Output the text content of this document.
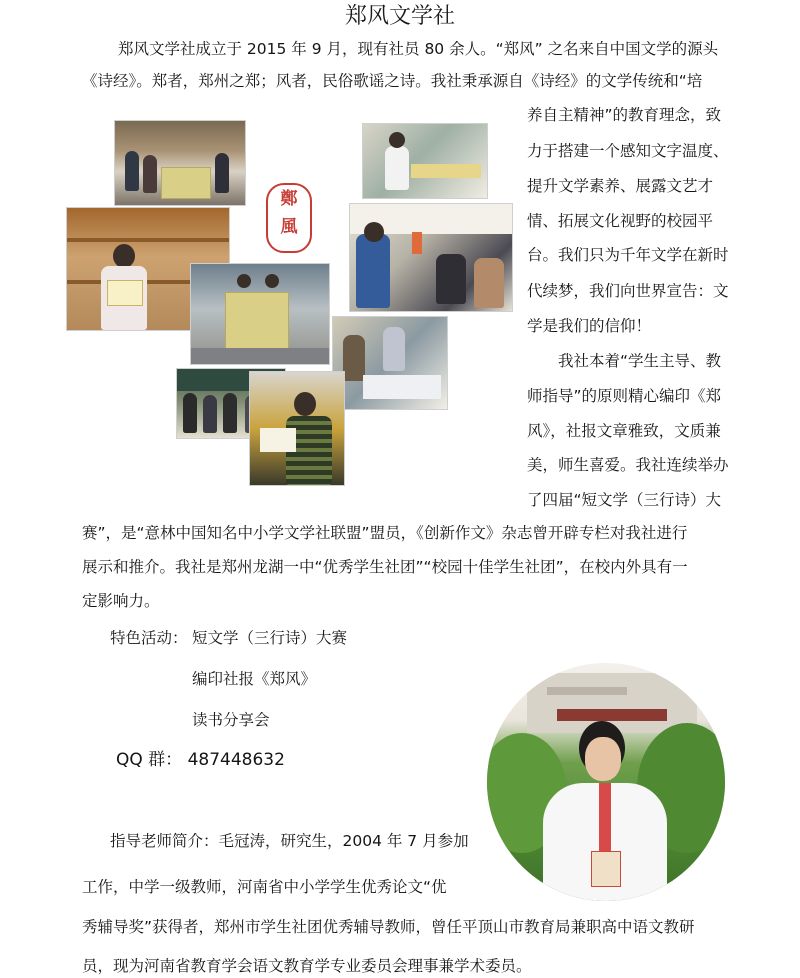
郑风文学社
郑风文学社成立于 2015 年 9 月，现有社员 80 余人。“郑风” 之名来自中国文学的源头
《诗经》。郑者，郑州之郑；风者，民俗歌谣之诗。我社秉承源自《诗经》的文学传统和“培
养自主精神”的教育理念，致
力于搭建一个感知文字温度、
提升文学素养、展露文艺才
情、拓展文化视野的校园平
台。我们只为千年文学在新时
代续梦，我们向世界宣告：文
学是我们的信仰！
我社本着“学生主导、教
师指导”的原则精心编印《郑
风》，社报文章雅致，文质兼
美，师生喜爱。我社连续举办
了四届“短文学（三行诗）大
赛”，是“意林中国知名中小学文学社联盟”盟员，《创新作文》杂志曾开辟专栏对我社进行
展示和推介。我社是郑州龙湖一中“优秀学生社团”“校园十佳学生社团”，在校内外具有一
定影响力。
特色活动： 短文学（三行诗）大赛
编印社报《郑风》
读书分享会
QQ 群： 487448632
指导老师简介：毛冠涛，研究生，2004 年 7 月参加
工作，中学一级教师，河南省中小学学生优秀论文“优
秀辅导奖”获得者，郑州市学生社团优秀辅导教师，曾任平顶山市教育局兼职高中语文教研
员，现为河南省教育学会语文教育学专业委员会理事兼学术委员。
鄭
風
